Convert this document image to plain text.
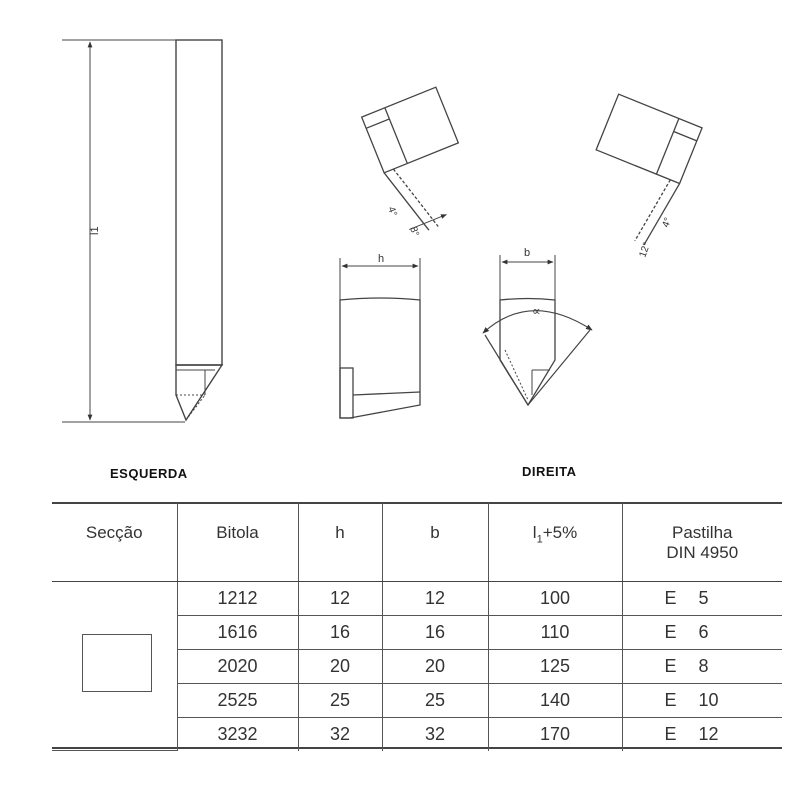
l1
4°
8°
4°
12°
h	b
∝
ESQUERDA	DIREITA
Secção	Bitola	h	b	$l_1+5\%$	Pastilha
DIN 4950

	1212	12	12	100	E 5
	1616	16	16	110	E 6
	2020	20	20	125	E 8
	2525	25	25	140	E 10
	3232	32	32	170	E 12
